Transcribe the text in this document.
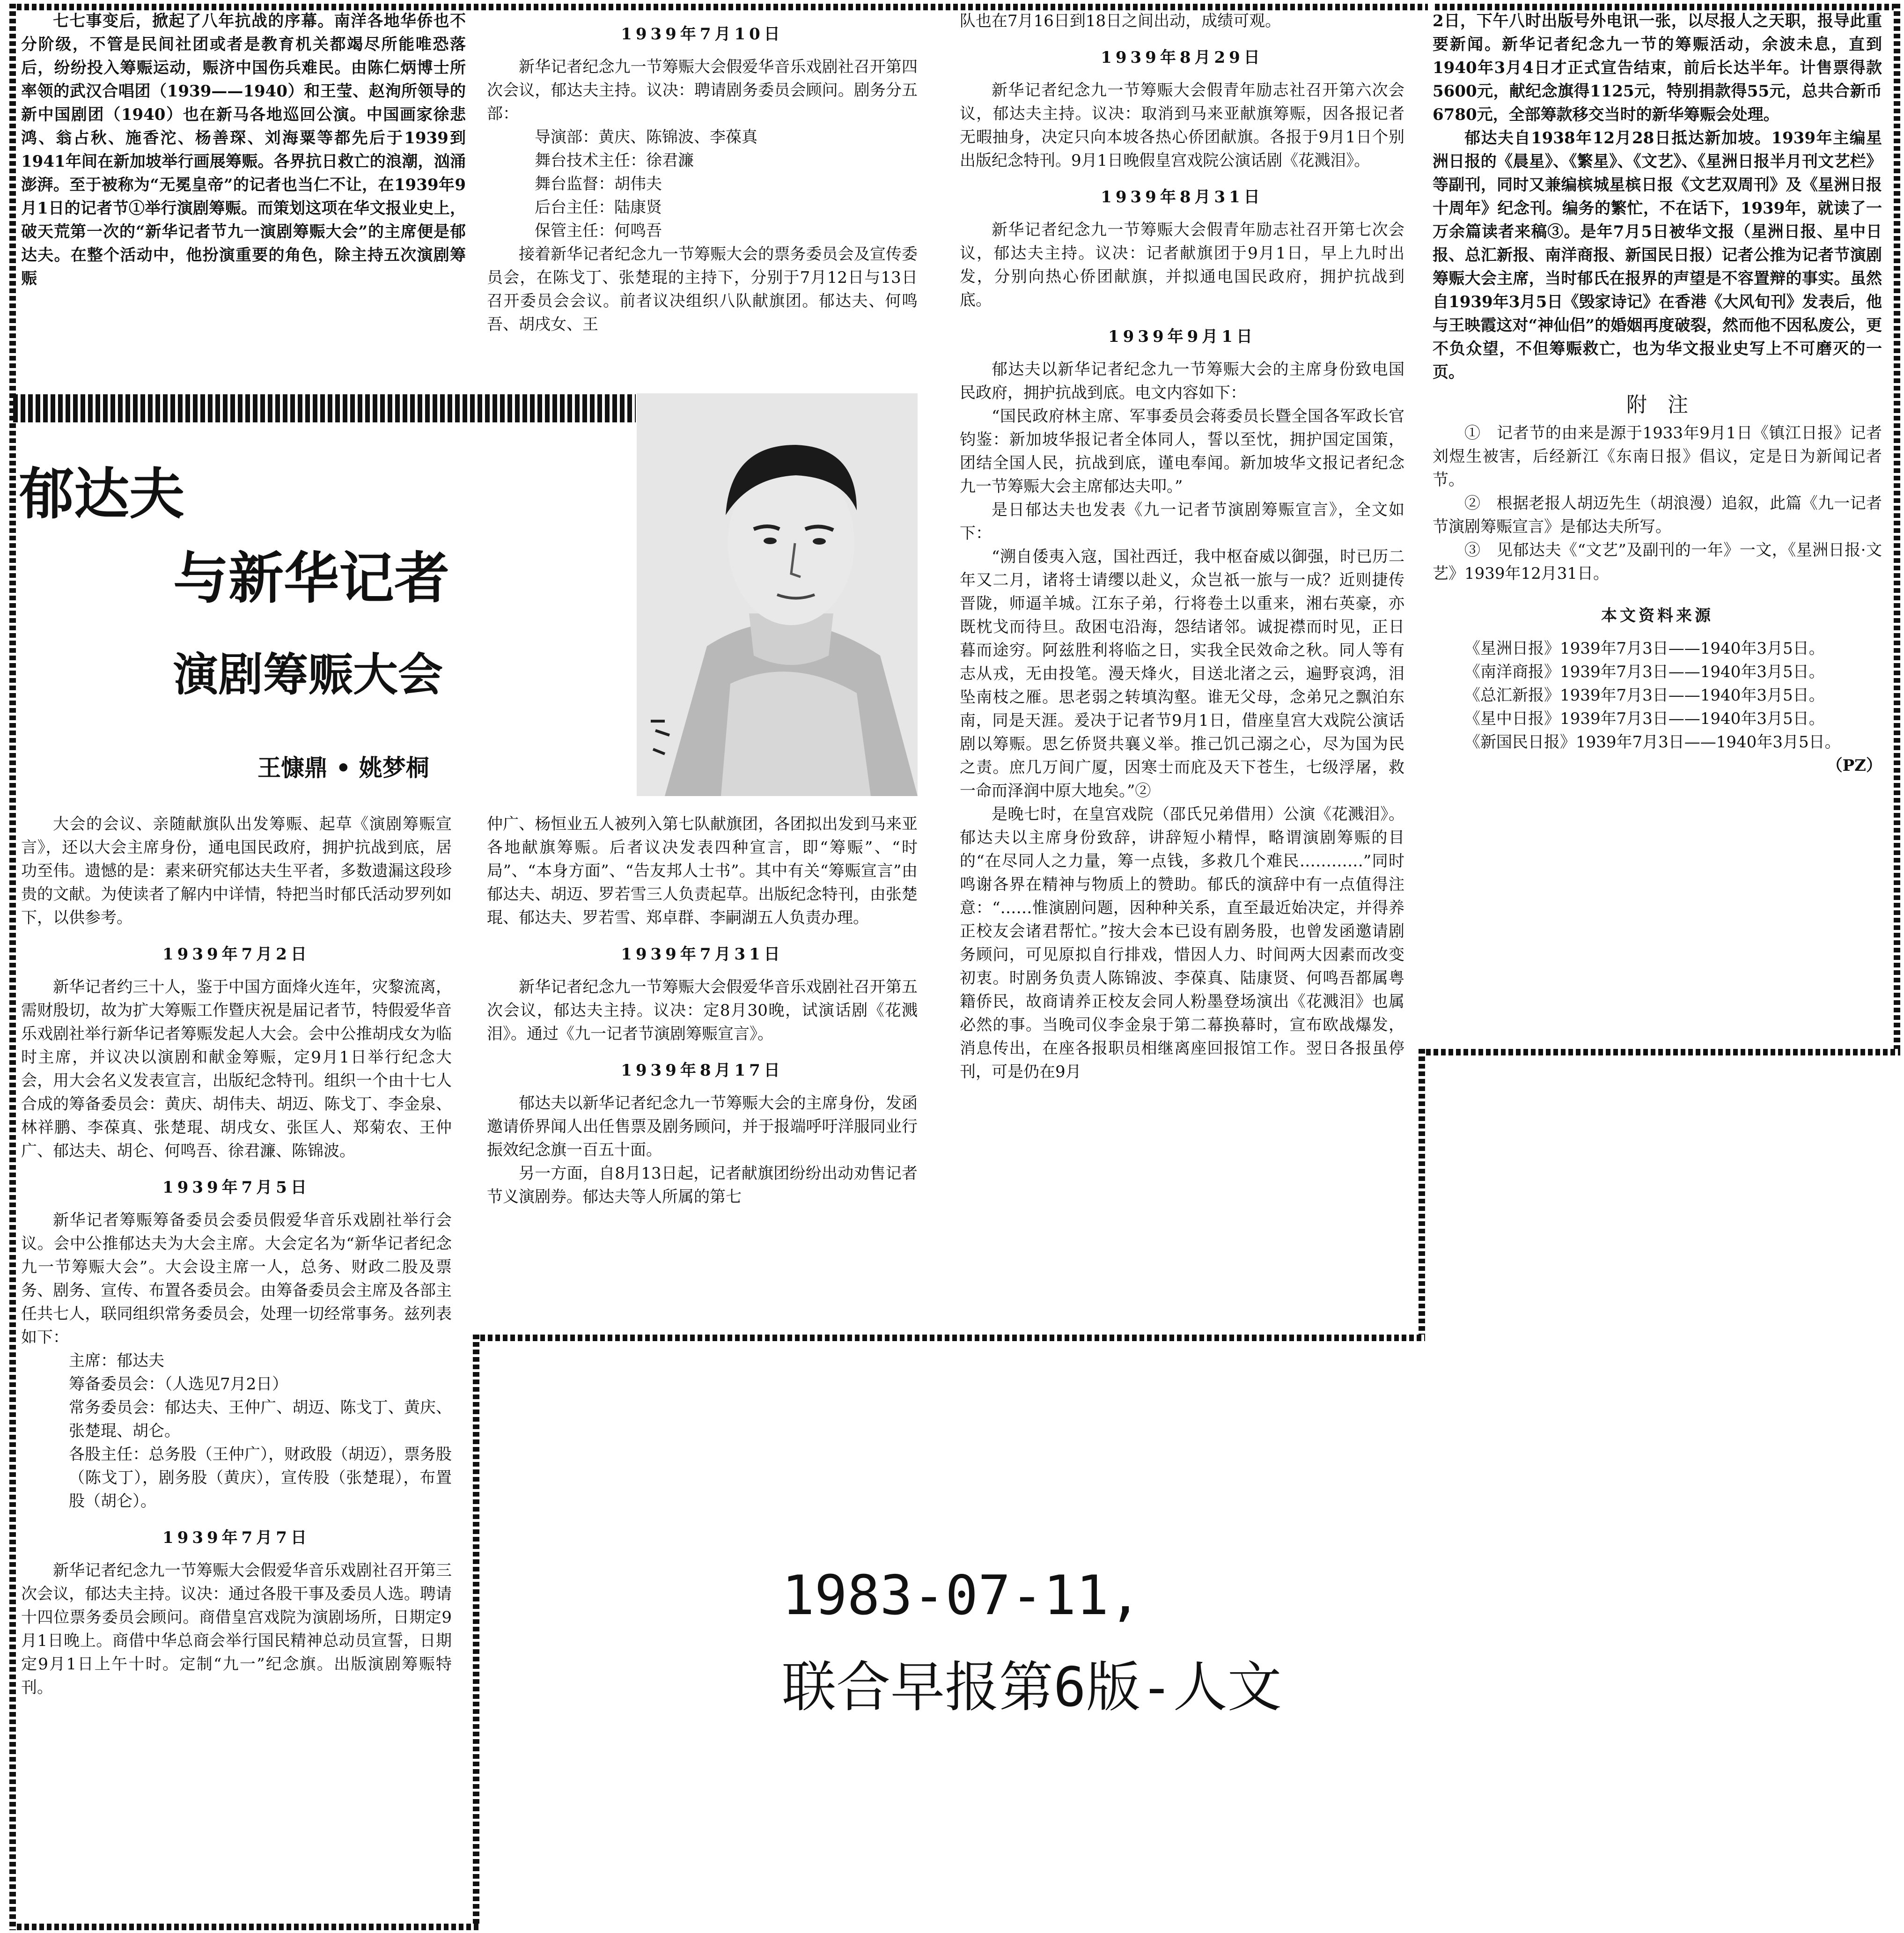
七七事变后，掀起了八年抗战的序幕。南洋各地华侨也不分阶级，不管是民间社团或者是教育机关都竭尽所能唯恐落后，纷纷投入筹赈运动，赈济中国伤兵难民。由陈仁炳博士所率领的武汉合唱团（1939——1940）和王莹、赵洵所领导的新中国剧团（1940）也在新马各地巡回公演。中国画家徐悲鸿、翁占秋、施香沱、杨善琛、刘海粟等都先后于1939到1941年间在新加坡举行画展筹赈。各界抗日救亡的浪潮，汹涌澎湃。至于被称为“无冕皇帝”的记者也当仁不让，在1939年9月1日的记者节①举行演剧筹赈。而策划这项在华文报业史上，破天荒第一次的“新华记者节九一演剧筹赈大会”的主席便是郁达夫。在整个活动中，他扮演重要的角色，除主持五次演剧筹赈

1939年7月10日

新华记者纪念九一节筹赈大会假爱华音乐戏剧社召开第四次会议，郁达夫主持。议决：聘请剧务委员会顾问。剧务分五部：

导演部：黄庆、陈锦波、李葆真

舞台技术主任：徐君濂

舞台监督：胡伟夫

后台主任：陆康贤

保管主任：何鸣吾

接着新华记者纪念九一节筹赈大会的票务委员会及宣传委员会，在陈戈丁、张楚琨的主持下，分别于7月12日与13日召开委员会会议。前者议决组织八队献旗团。郁达夫、何鸣吾、胡戌女、王

郁达夫
与新华记者
演剧筹赈大会
王慷鼎 • 姚梦桐

大会的会议、亲随献旗队出发筹赈、起草《演剧筹赈宣言》，还以大会主席身份，通电国民政府，拥护抗战到底，居功至伟。遗憾的是：素来研究郁达夫生平者，多数遗漏这段珍贵的文献。为使读者了解内中详情，特把当时郁氏活动罗列如下，以供参考。

1939年7月2日

新华记者约三十人，鉴于中国方面烽火连年，灾黎流离，需财殷切，故为扩大筹赈工作暨庆祝是届记者节，特假爱华音乐戏剧社举行新华记者筹赈发起人大会。会中公推胡戌女为临时主席，并议决以演剧和献金筹赈，定9月1日举行纪念大会，用大会名义发表宣言，出版纪念特刊。组织一个由十七人合成的筹备委员会：黄庆、胡伟夫、胡迈、陈戈丁、李金泉、林祥鹏、李葆真、张楚琨、胡戌女、张匡人、郑菊农、王仲广、郁达夫、胡仑、何鸣吾、徐君濂、陈锦波。

1939年7月5日

新华记者筹赈筹备委员会委员假爱华音乐戏剧社举行会议。会中公推郁达夫为大会主席。大会定名为“新华记者纪念九一节筹赈大会”。大会设主席一人，总务、财政二股及票务、剧务、宣传、布置各委员会。由筹备委员会主席及各部主任共七人，联同组织常务委员会，处理一切经常事务。兹列表如下：

主席：郁达夫

筹备委员会：（人选见7月2日）

常务委员会：郁达夫、王仲广、胡迈、陈戈丁、黄庆、张楚琨、胡仑。

各股主任：总务股（王仲广），财政股（胡迈），票务股（陈戈丁），剧务股（黄庆），宣传股（张楚琨），布置股（胡仑）。

1939年7月7日

新华记者纪念九一节筹赈大会假爱华音乐戏剧社召开第三次会议，郁达夫主持。议决：通过各股干事及委员人选。聘请十四位票务委员会顾问。商借皇宫戏院为演剧场所，日期定9月1日晚上。商借中华总商会举行国民精神总动员宣誓，日期定9月1日上午十时。定制“九一”纪念旗。出版演剧筹赈特刊。

仲广、杨恒业五人被列入第七队献旗团，各团拟出发到马来亚各地献旗筹赈。后者议决发表四种宣言，即“筹赈”、“时局”、“本身方面”、“告友邦人士书”。其中有关“筹赈宣言”由郁达夫、胡迈、罗若雪三人负责起草。出版纪念特刊，由张楚琨、郁达夫、罗若雪、郑卓群、李嗣湖五人负责办理。

1939年7月31日

新华记者纪念九一节筹赈大会假爱华音乐戏剧社召开第五次会议，郁达夫主持。议决：定8月30晚，试演话剧《花溅泪》。通过《九一记者节演剧筹赈宣言》。

1939年8月17日

郁达夫以新华记者纪念九一节筹赈大会的主席身份，发函邀请侨界闻人出任售票及剧务顾问，并于报端呼吁洋服同业行振效纪念旗一百五十面。

另一方面，自8月13日起，记者献旗团纷纷出动劝售记者节义演剧券。郁达夫等人所属的第七

队也在7月16日到18日之间出动，成绩可观。

1939年8月29日

新华记者纪念九一节筹赈大会假青年励志社召开第六次会议，郁达夫主持。议决：取消到马来亚献旗筹赈，因各报记者无暇抽身，决定只向本坡各热心侨团献旗。各报于9月1日个别出版纪念特刊。9月1日晚假皇宫戏院公演话剧《花溅泪》。

1939年8月31日

新华记者纪念九一节筹赈大会假青年励志社召开第七次会议，郁达夫主持。议决：记者献旗团于9月1日，早上九时出发，分别向热心侨团献旗，并拟通电国民政府，拥护抗战到底。

1939年9月1日

郁达夫以新华记者纪念九一节筹赈大会的主席身份致电国民政府，拥护抗战到底。电文内容如下：

“国民政府林主席、军事委员会蒋委员长暨全国各军政长官钧鉴：新加坡华报记者全体同人，誓以至忱，拥护国定国策，团结全国人民，抗战到底，谨电奉闻。新加坡华文报记者纪念九一节筹赈大会主席郁达夫叩。”

是日郁达夫也发表《九一记者节演剧筹赈宣言》，全文如下：

“溯自倭夷入寇，国社西迁，我中枢奋威以御强，时已历二年又二月，诸将士请缨以赴义，众岂祇一旅与一成？近则捷传晋陇，师逼羊城。江东子弟，行将卷土以重来，湘右英豪，亦既枕戈而待旦。敌困屯沿海，怨结诸邻。诚捉襟而时见，正日暮而途穷。阿兹胜利将临之日，实我全民效命之秋。同人等有志从戎，无由投笔。漫天烽火，目送北渚之云，遍野哀鸿，泪坠南枝之雁。思老弱之转填沟壑。谁无父母，念弟兄之飘泊东南，同是天涯。爰决于记者节9月1日，借座皇宫大戏院公演话剧以筹赈。思乞侨贤共襄义举。推己饥己溺之心，尽为国为民之责。庶几万间广厦，因寒士而庇及天下苍生，七级浮屠，救一命而泽润中原大地矣。”②

是晚七时，在皇宫戏院（邵氏兄弟借用）公演《花溅泪》。郁达夫以主席身份致辞，讲辞短小精悍，略谓演剧筹赈的目的“在尽同人之力量，筹一点钱，多救几个难民…………”同时鸣谢各界在精神与物质上的赞助。郁氏的演辞中有一点值得注意：“……惟演剧问题，因种种关系，直至最近始决定，并得养正校友会诸君帮忙。”按大会本已设有剧务股，也曾发函邀请剧务顾问，可见原拟自行排戏，惜因人力、时间两大因素而改变初衷。时剧务负责人陈锦波、李葆真、陆康贤、何鸣吾都属粤籍侨民，故商请养正校友会同人粉墨登场演出《花溅泪》也属必然的事。当晚司仪李金泉于第二幕换幕时，宣布欧战爆发，消息传出，在座各报职员相继离座回报馆工作。翌日各报虽停刊，可是仍在9月

2日，下午八时出版号外电讯一张，以尽报人之天职，报导此重要新闻。新华记者纪念九一节的筹赈活动，余波未息，直到1940年3月4日才正式宣告结束，前后长达半年。计售票得款5600元，献纪念旗得1125元，特别捐款得55元，总共合新币6780元，全部筹款移交当时的新华筹赈会处理。

郁达夫自1938年12月28日抵达新加坡。1939年主编星洲日报的《晨星》、《繁星》、《文艺》、《星洲日报半月刊文艺栏》等副刊，同时又兼编槟城星槟日报《文艺双周刊》及《星洲日报十周年》纪念刊。编务的繁忙，不在话下，1939年，就读了一万余篇读者来稿③。是年7月5日被华文报（星洲日报、星中日报、总汇新报、南洋商报、新国民日报）记者公推为记者节演剧筹赈大会主席，当时郁氏在报界的声望是不容置辩的事实。虽然自1939年3月5日《毁家诗记》在香港《大风旬刊》发表后，他与王映霞这对“神仙侣”的婚姻再度破裂，然而他不因私废公，更不负众望，不但筹赈救亡，也为华文报业史写上不可磨灭的一页。

附　注

①　记者节的由来是源于1933年9月1日《镇江日报》记者刘煜生被害，后经新江《东南日报》倡议，定是日为新闻记者节。

②　根据老报人胡迈先生（胡浪漫）追叙，此篇《九一记者节演剧筹赈宣言》是郁达夫所写。

③　见郁达夫《“文艺”及副刊的一年》一文，《星洲日报·文艺》1939年12月31日。

本文资料来源

《星洲日报》1939年7月3日——1940年3月5日。

《南洋商报》1939年7月3日——1940年3月5日。

《总汇新报》1939年7月3日——1940年3月5日。

《星中日报》1939年7月3日——1940年3月5日。

《新国民日报》1939年7月3日——1940年3月5日。

（PZ）

1983-07-11,
联合早报第6版-人文
